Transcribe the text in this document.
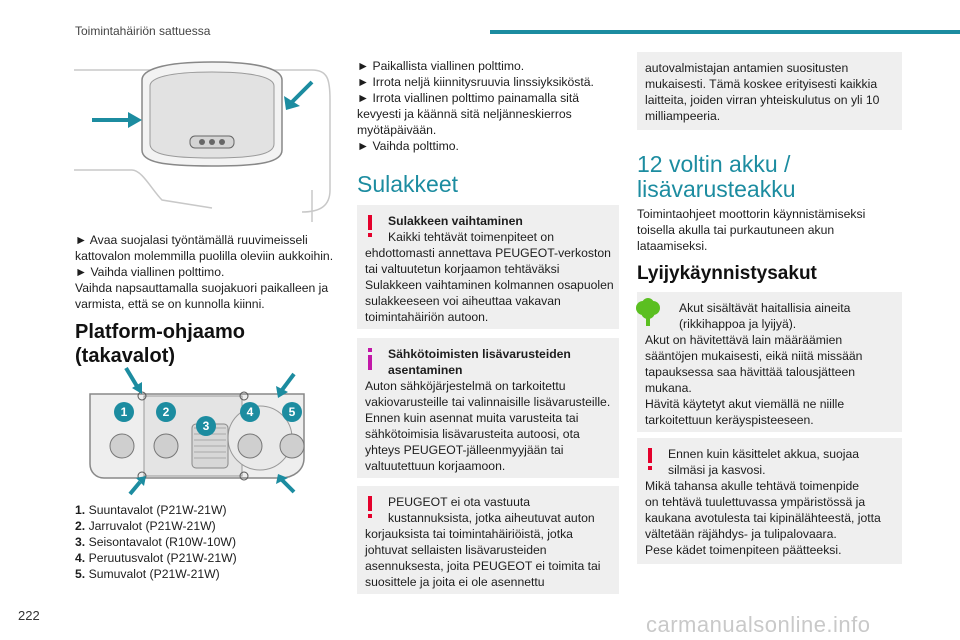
Toimintahäiriön sattuessa
► Avaa suojalasi työntämällä ruuvimeisseli
kattovalon molemmilla puolilla oleviin aukkoihin.
► Vaihda viallinen polttimo.
Vaihda napsauttamalla suojakuori paikalleen ja
varmista, että se on kunnolla kiinni.
Platform-ohjaamo
(takavalot)
1	2
3
4	5
1. Suuntavalot (P21W-21W)
2. Jarruvalot (P21W-21W)
3. Seisontavalot (R10W-10W)
4. Peruutusvalot (P21W-21W)
5. Sumuvalot (P21W-21W)
► Paikallista viallinen polttimo.
► Irrota neljä kiinnitysruuvia linssiyksiköstä.
► Irrota viallinen polttimo painamalla sitä
kevyesti ja käännä sitä neljänneskierros
myötäpäivään.
► Vaihda polttimo.
Sulakkeet
Sulakkeen vaihtaminen
Kaikki tehtävät toimenpiteet on
ehdottomasti annettava PEUGEOT-verkoston
tai valtuutetun korjaamon tehtäväksi
Sulakkeen vaihtaminen kolmannen osapuolen
sulakkeeseen voi aiheuttaa vakavan
toimintahäiriön autoon.
Sähkötoimisten lisävarusteiden
asentaminen
Auton sähköjärjestelmä on tarkoitettu
vakiovarusteille tai valinnaisille lisävarusteille.
Ennen kuin asennat muita varusteita tai
sähkötoimisia lisävarusteita autoosi, ota
yhteys PEUGEOT-jälleenmyyjään tai
valtuutettuun korjaamoon.
PEUGEOT ei ota vastuuta
kustannuksista, jotka aiheutuvat auton
korjauksista tai toimintahäiriöistä, jotka
johtuvat sellaisten lisävarusteiden
asennuksesta, joita PEUGEOT ei toimita tai
suosittele ja joita ei ole asennettu
autovalmistajan antamien suositusten
mukaisesti. Tämä koskee erityisesti kaikkia
laitteita, joiden virran yhteiskulutus on yli 10
milliampeeria.
12 voltin akku /
lisävarusteakku
Toimintaohjeet moottorin käynnistämiseksi
toisella akulla tai purkautuneen akun
lataamiseksi.
Lyijykäynnistysakut
Akut sisältävät haitallisia aineita
(rikkihappoa ja lyijyä).
Akut on hävitettävä lain määräämien
sääntöjen mukaisesti, eikä niitä missään
tapauksessa saa hävittää talousjätteen
mukana.
Hävitä käytetyt akut viemällä ne niille
tarkoitettuun keräyspisteeseen.
Ennen kuin käsittelet akkua, suojaa
silmäsi ja kasvosi.
Mikä tahansa akulle tehtävä toimenpide
on tehtävä tuulettuvassa ympäristössä ja
kaukana avotulesta tai kipinälähteestä, jotta
vältetään räjähdys- ja tulipalovaara.
Pese kädet toimenpiteen päätteeksi.
222	carmanualsonline.info
